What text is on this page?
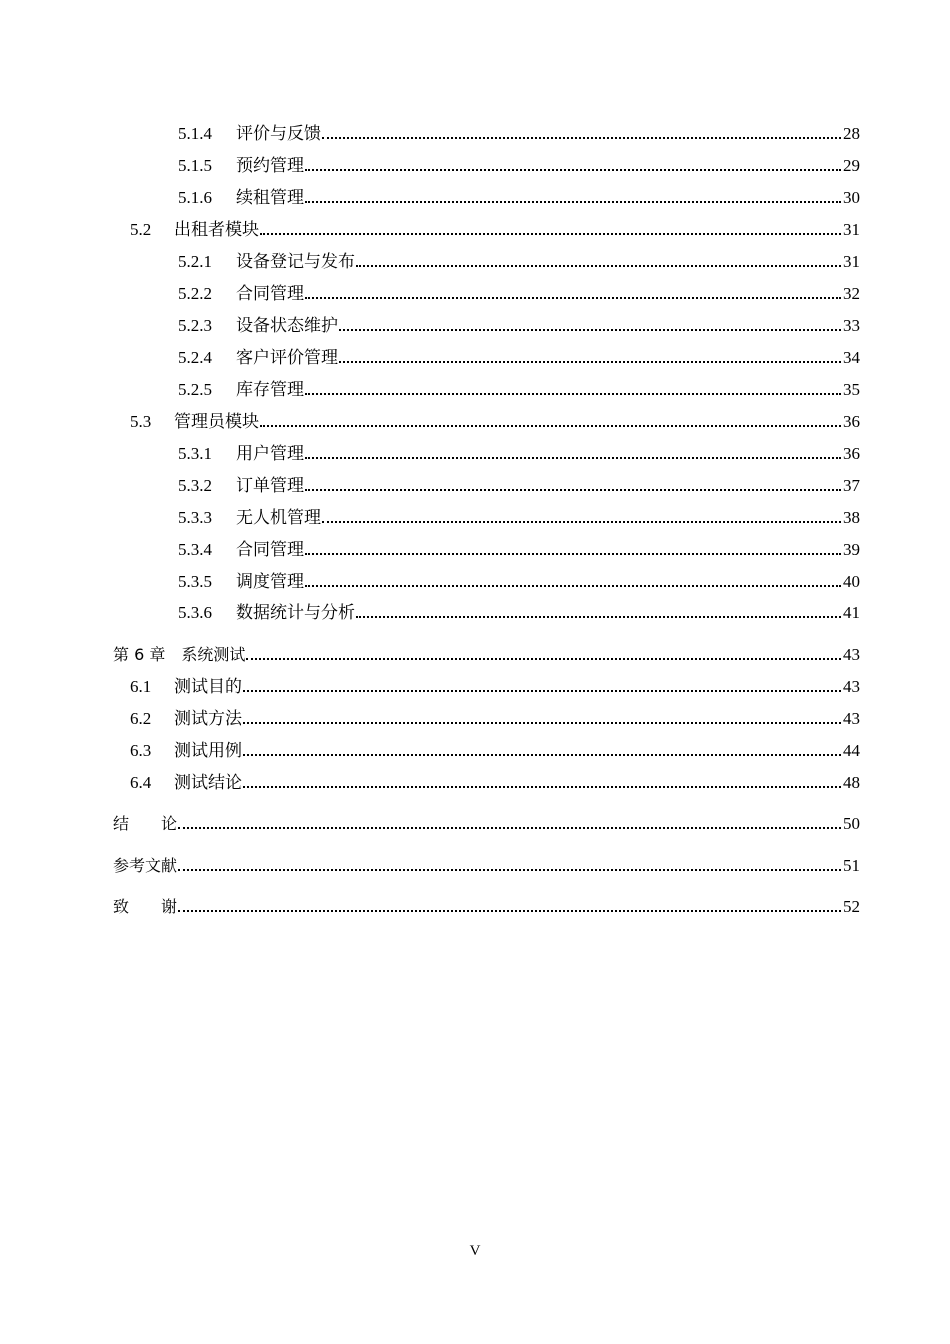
5.1.4	评价与反馈	28
5.1.5	预约管理	29
5.1.6	续租管理	30
5.2	出租者模块	31
5.2.1	设备登记与发布	31
5.2.2	合同管理	32
5.2.3	设备状态维护	33
5.2.4	客户评价管理	34
5.2.5	库存管理	35
5.3	管理员模块	36
5.3.1	用户管理	36
5.3.2	订单管理	37
5.3.3	无人机管理	38
5.3.4	合同管理	39
5.3.5	调度管理	40
5.3.6	数据统计与分析	41
第 6 章　系统测试	43
6.1	测试目的	43
6.2	测试方法	43
6.3	测试用例	44
6.4	测试结论	48
结　　论	50
参考文献	51
致　　谢	52
V
